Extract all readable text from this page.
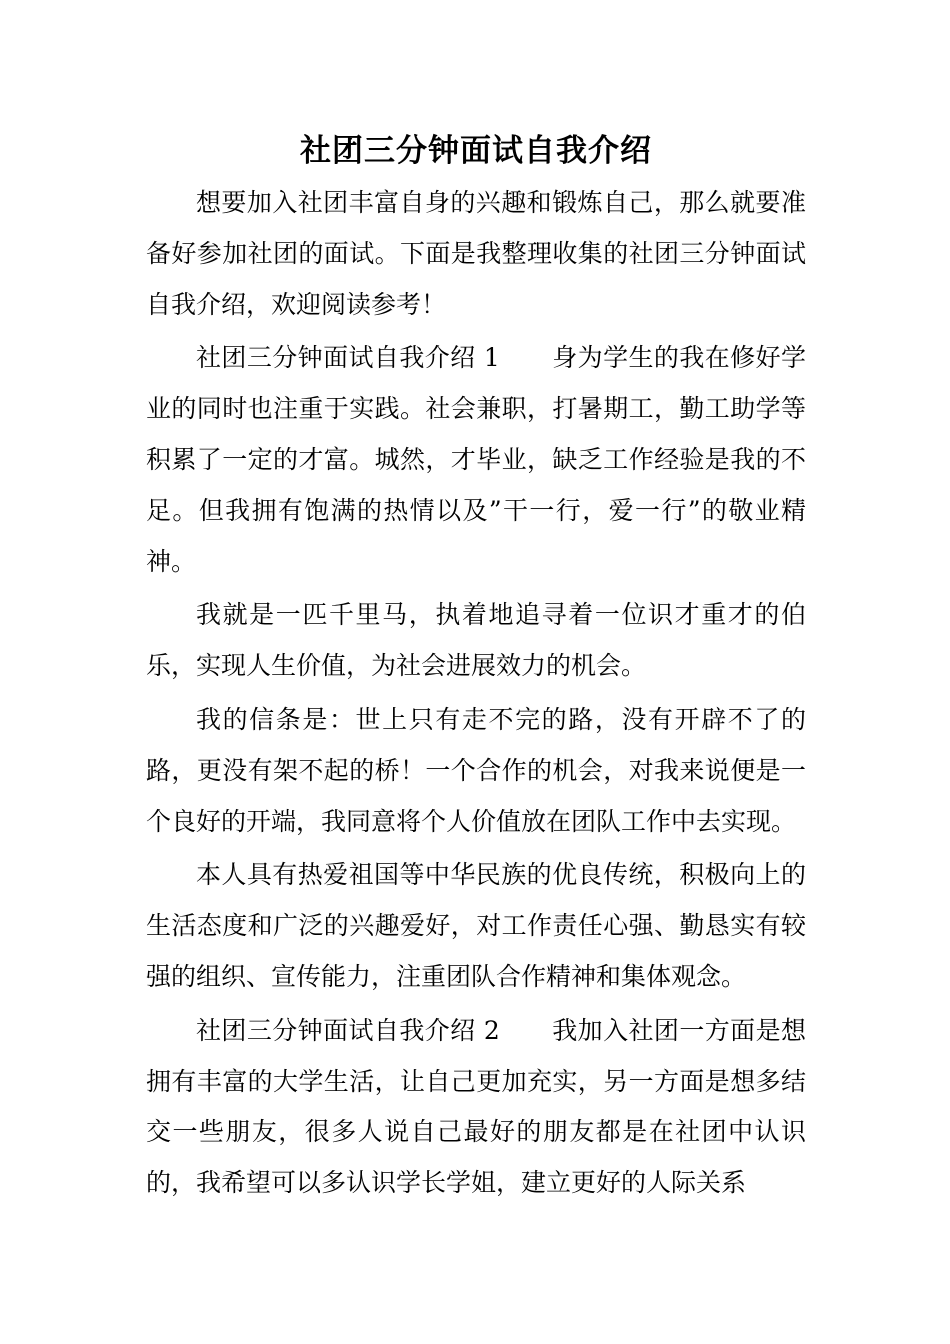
社团三分钟面试自我介绍

想要加入社团丰富自身的兴趣和锻炼自己，那么就要准备好参加社团的面试。下面是我整理收集的社团三分钟面试自我介绍，欢迎阅读参考！

社团三分钟面试自我介绍 1 身为学生的我在修好学业的同时也注重于实践。社会兼职，打暑期工，勤工助学等积累了一定的才富。城然，才毕业，缺乏工作经验是我的不足。但我拥有饱满的热情以及”干一行，爱一行”的敬业精神。

我就是一匹千里马，执着地追寻着一位识才重才的伯乐，实现人生价值，为社会进展效力的机会。

我的信条是：世上只有走不完的路，没有开辟不了的路，更没有架不起的桥！一个合作的机会，对我来说便是一个良好的开端，我同意将个人价值放在团队工作中去实现。

本人具有热爱祖国等中华民族的优良传统，积极向上的生活态度和广泛的兴趣爱好，对工作责任心强、勤恳实有较强的组织、宣传能力，注重团队合作精神和集体观念。

社团三分钟面试自我介绍 2 我加入社团一方面是想拥有丰富的大学生活，让自己更加充实，另一方面是想多结交一些朋友，很多人说自己最好的朋友都是在社团中认识的，我希望可以多认识学长学姐，建立更好的人际关系
